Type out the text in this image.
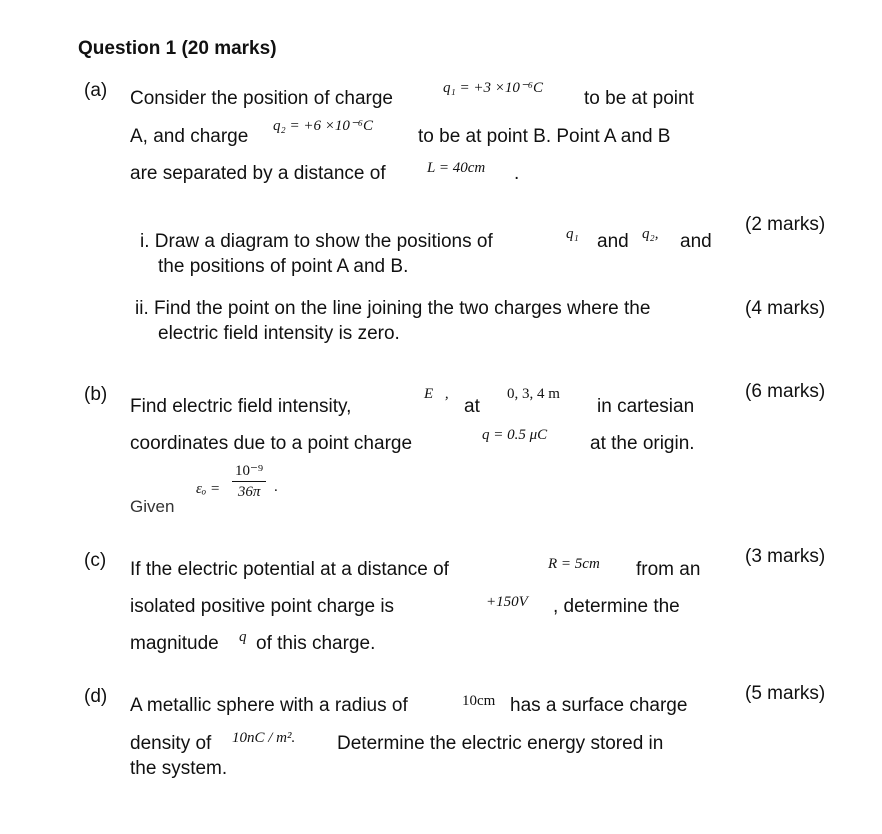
Question 1 (20 marks)
(a) Consider the position of charge	q₁ = +3 ×10⁻⁶C to be at point
A, and charge q₂ = +6 ×10⁻⁶C to be at point B. Point A and B
are separated by a distance of	L = 40cm .
i. Draw a diagram to show the positions of	q₁ and q₂, and
the positions of point A and B.
(2 marks)
ii. Find the point on the line joining the two charges where the
electric field intensity is zero.
(4 marks)
(b)
Find electric field intensity,
E⃗,
at
0, 3, 4 m
in cartesian
(6 marks)
coordinates due to a point charge	q = 0.5 μC at the origin.
Given
$\varepsilon_o = \frac{\text{10⁻⁹}}{36\pi}$ .
(c) If the electric potential at a distance of	R = 5cm from an
(3 marks)
isolated positive point charge is	+150V , determine the
magnitude q of this charge.
(d) A metallic sphere with a radius of	10cm has a surface charge
(5 marks)
density of 10nC / m². Determine the electric energy stored in
the system.
